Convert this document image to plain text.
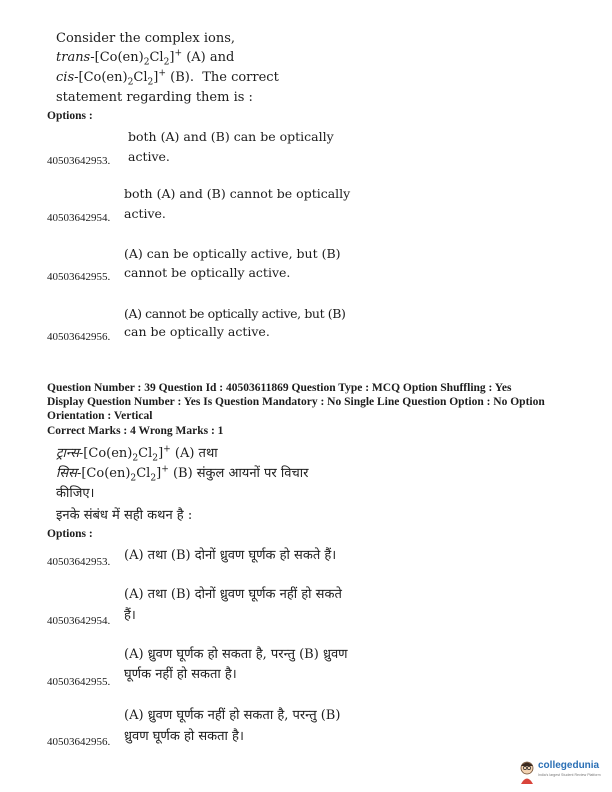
Consider the complex ions,
trans-$[Co(en)_2Cl_2]^+$ (A) and
cis-$[Co(en)_2Cl_2]^+$ (B).  The correct
statement regarding them is :
Options :
both (A) and (B) can be optically
active.
40503642953.
both (A) and (B) cannot be optically
active.
40503642954.
(A) can be optically active, but (B)
cannot be optically active.
40503642955.
(A) cannot be optically active, but (B)
can be optically active.
40503642956.
Question Number : 39 Question Id : 40503611869 Question Type : MCQ Option Shuffling : Yes
Display Question Number : Yes Is Question Mandatory : No Single Line Question Option : No Option
Orientation : Vertical
Correct Marks : 4 Wrong Marks : 1
$ट्रान्स-[Co(en)_2Cl_2]^+$ (A) तथा
$सिस-[Co(en)_2Cl_2]^+$ (B) संकुल आयनों पर विचार
कीजिए।
इनके संबंध में सही कथन है :
Options :
(A) तथा (B) दोनों ध्रुवण घूर्णक हो सकते हैं।
40503642953.
(A) तथा (B) दोनों ध्रुवण घूर्णक नहीं हो सकते
हैं।
40503642954.
(A) ध्रुवण घूर्णक हो सकता है, परन्तु (B) ध्रुवण
घूर्णक नहीं हो सकता है।
40503642955.
(A) ध्रुवण घूर्णक नहीं हो सकता है, परन्तु (B)
ध्रुवण घूर्णक हो सकता है।
40503642956.
collegedunia
India's largest Student Review Platform
